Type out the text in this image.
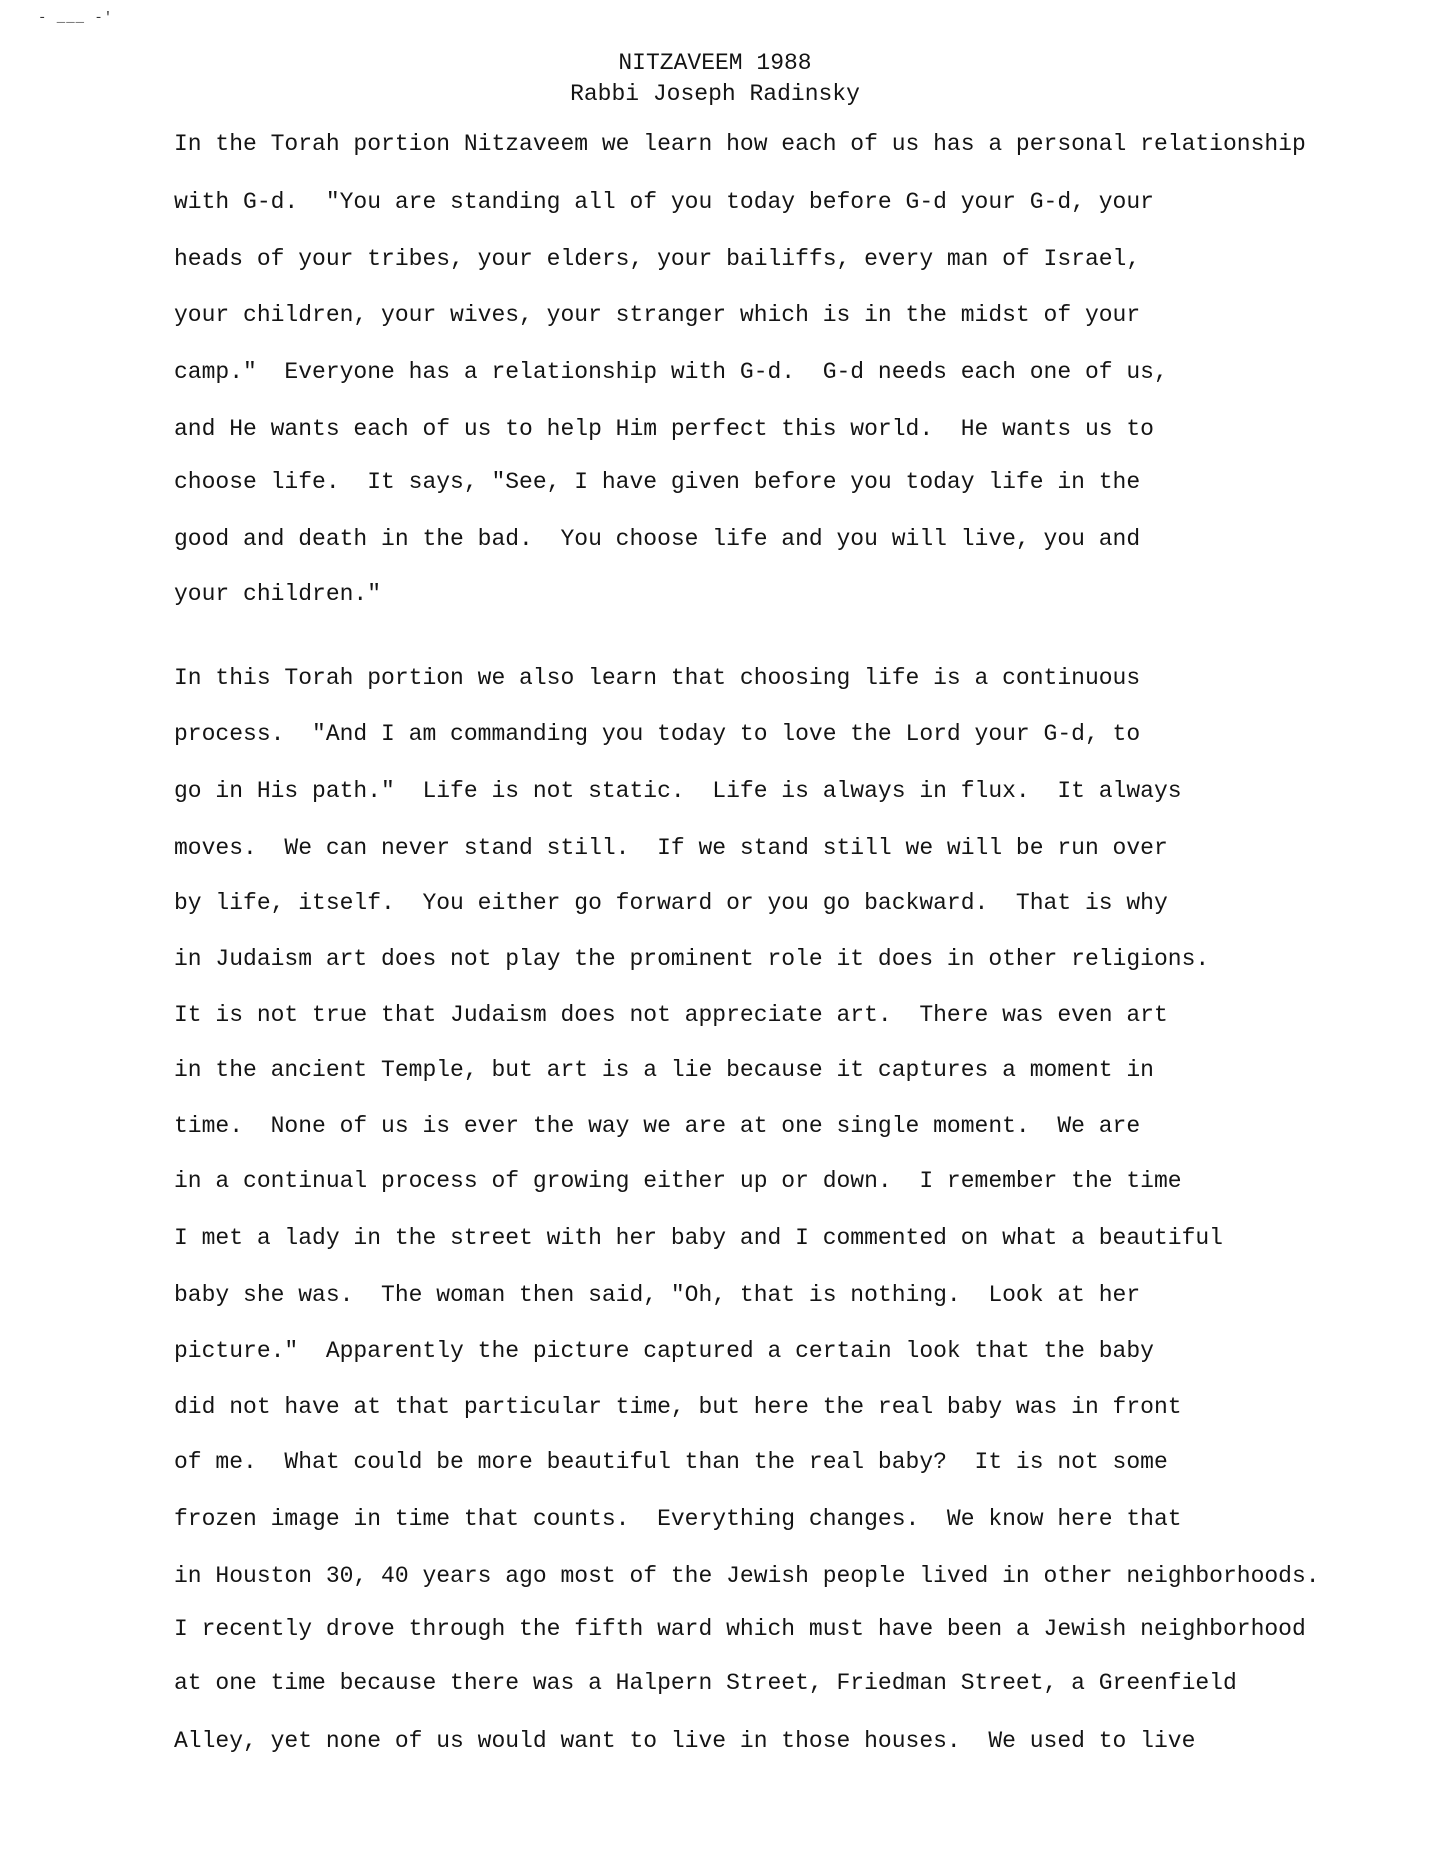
- ___ -'
NITZAVEEM 1988
Rabbi Joseph Radinsky
In the Torah portion Nitzaveem we learn how each of us has a personal relationship
with G-d.  "You are standing all of you today before G-d your G-d, your
heads of your tribes, your elders, your bailiffs, every man of Israel,
your children, your wives, your stranger which is in the midst of your
camp."  Everyone has a relationship with G-d.  G-d needs each one of us,
and He wants each of us to help Him perfect this world.  He wants us to
choose life.  It says, "See, I have given before you today life in the
good and death in the bad.  You choose life and you will live, you and
your children."
In this Torah portion we also learn that choosing life is a continuous
process.  "And I am commanding you today to love the Lord your G-d, to
go in His path."  Life is not static.  Life is always in flux.  It always
moves.  We can never stand still.  If we stand still we will be run over
by life, itself.  You either go forward or you go backward.  That is why
in Judaism art does not play the prominent role it does in other religions.
It is not true that Judaism does not appreciate art.  There was even art
in the ancient Temple, but art is a lie because it captures a moment in
time.  None of us is ever the way we are at one single moment.  We are
in a continual process of growing either up or down.  I remember the time
I met a lady in the street with her baby and I commented on what a beautiful
baby she was.  The woman then said, "Oh, that is nothing.  Look at her
picture."  Apparently the picture captured a certain look that the baby
did not have at that particular time, but here the real baby was in front
of me.  What could be more beautiful than the real baby?  It is not some
frozen image in time that counts.  Everything changes.  We know here that
in Houston 30, 40 years ago most of the Jewish people lived in other neighborhoods.
I recently drove through the fifth ward which must have been a Jewish neighborhood
at one time because there was a Halpern Street, Friedman Street, a Greenfield
Alley, yet none of us would want to live in those houses.  We used to live
